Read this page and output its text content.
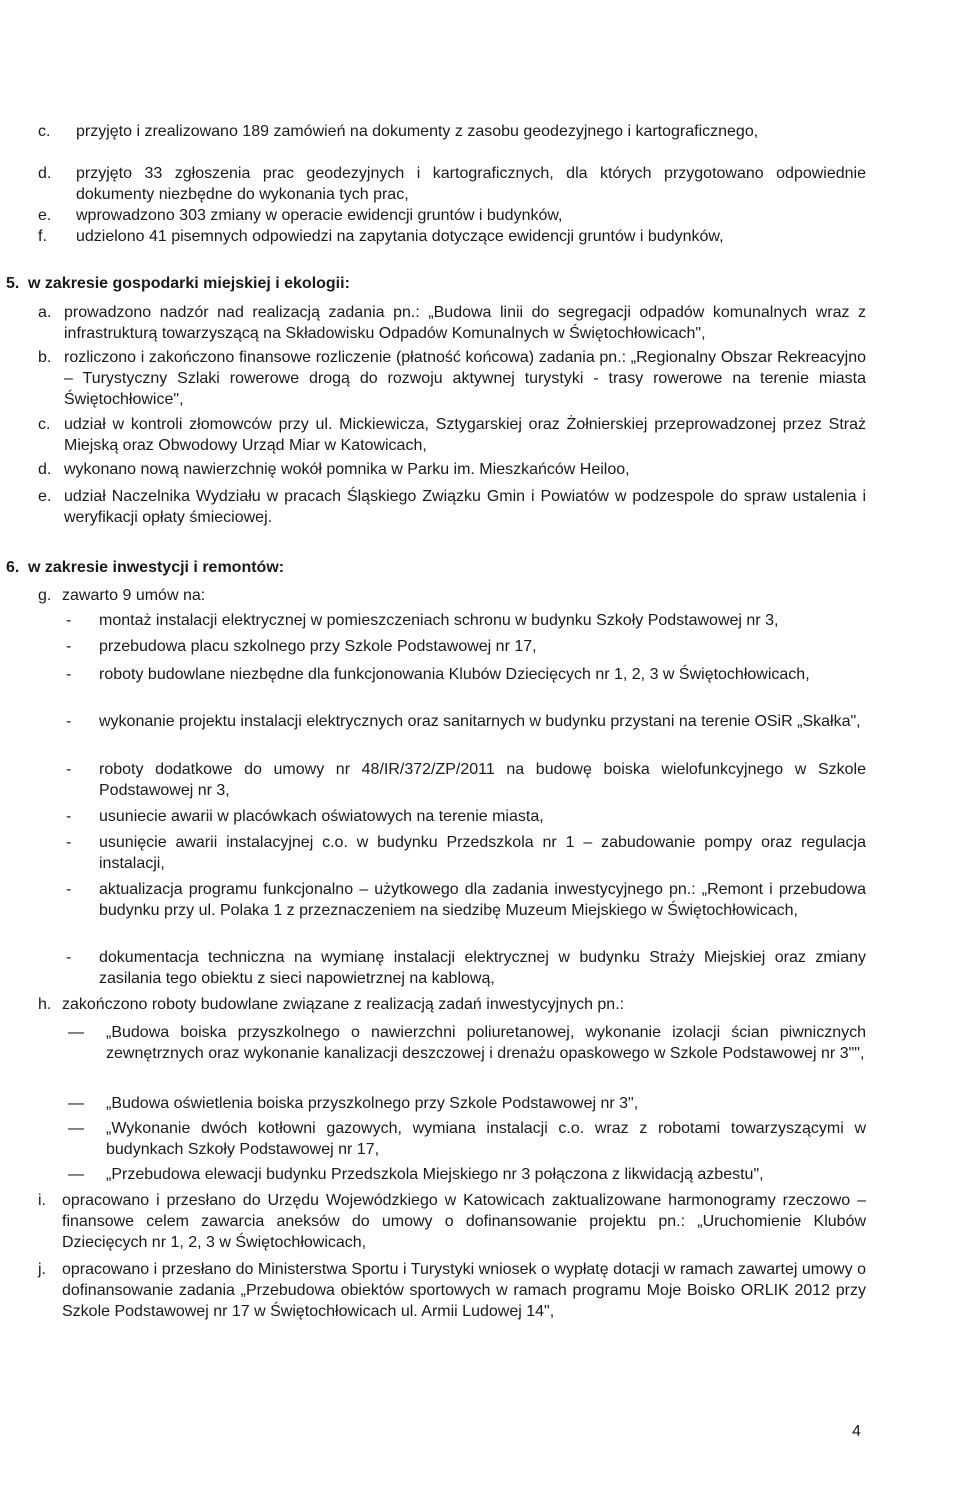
c. przyjęto i zrealizowano 189 zamówień na dokumenty z zasobu geodezyjnego i kartograficznego,
d. przyjęto 33 zgłoszenia prac geodezyjnych i kartograficznych, dla których przygotowano odpowiednie dokumenty niezbędne do wykonania tych prac,
e. wprowadzono 303 zmiany w operacie ewidencji gruntów i budynków,
f. udzielono 41 pisemnych odpowiedzi na zapytania dotyczące ewidencji gruntów i budynków,
5. w zakresie gospodarki miejskiej i ekologii:
a. prowadzono nadzór nad realizacją zadania pn.: „Budowa linii do segregacji odpadów komunalnych wraz z infrastrukturą towarzyszącą na Składowisku Odpadów Komunalnych w Świętochłowicach",
b. rozliczono i zakończono finansowe rozliczenie (płatność końcowa) zadania pn.: „Regionalny Obszar Rekreacyjno – Turystyczny Szlaki rowerowe drogą do rozwoju aktywnej turystyki - trasy rowerowe na terenie miasta Świętochłowice",
c. udział w kontroli złomowców przy ul. Mickiewicza, Sztygarskiej oraz Żołnierskiej przeprowadzonej przez Straż Miejską oraz Obwodowy Urząd Miar w Katowicach,
d. wykonano nową nawierzchnię wokół pomnika w Parku im. Mieszkańców Heiloo,
e. udział Naczelnika Wydziału w pracach Śląskiego Związku Gmin i Powiatów w podzespole do spraw ustalenia i weryfikacji opłaty śmieciowej.
6. w zakresie inwestycji i remontów:
g. zawarto 9 umów na:
- montaż instalacji elektrycznej w pomieszczeniach schronu w budynku Szkoły Podstawowej nr 3,
- przebudowa placu szkolnego przy Szkole Podstawowej nr 17,
- roboty budowlane niezbędne dla funkcjonowania Klubów Dziecięcych nr 1, 2, 3 w Świętochłowicach,
- wykonanie projektu instalacji elektrycznych oraz sanitarnych w budynku przystani na terenie OSiR „Skałka",
- roboty dodatkowe do umowy nr 48/IR/372/ZP/2011 na budowę boiska wielofunkcyjnego w Szkole Podstawowej nr 3,
- usuniecie awarii w placówkach oświatowych na terenie miasta,
- usunięcie awarii instalacyjnej c.o. w budynku Przedszkola nr 1 – zabudowanie pompy oraz regulacja instalacji,
- aktualizacja programu funkcjonalno – użytkowego dla zadania inwestycyjnego pn.: „Remont i przebudowa budynku przy ul. Polaka 1 z przeznaczeniem na siedzibę Muzeum Miejskiego w Świętochłowicach,
- dokumentacja techniczna na wymianę instalacji elektrycznej w budynku Straży Miejskiej oraz zmiany zasilania tego obiektu z sieci napowietrznej na kablową,
h. zakończono roboty budowlane związane z realizacją zadań inwestycyjnych pn.:
— „Budowa boiska przyszkolnego o nawierzchni poliuretanowej, wykonanie izolacji ścian piwnicznych zewnętrznych oraz wykonanie kanalizacji deszczowej i drenażu opaskowego w Szkole Podstawowej nr 3"",
— „Budowa oświetlenia boiska przyszkolnego przy Szkole Podstawowej nr 3",
— „Wykonanie dwóch kotłowni gazowych, wymiana instalacji c.o. wraz z robotami towarzyszącymi w budynkach Szkoły Podstawowej nr 17,
— „Przebudowa elewacji budynku Przedszkola Miejskiego nr 3 połączona z likwidacją azbestu",
i. opracowano i przesłano do Urzędu Wojewódzkiego w Katowicach zaktualizowane harmonogramy rzeczowo – finansowe celem zawarcia aneksów do umowy o dofinansowanie projektu pn.: „Uruchomienie Klubów Dziecięcych nr 1, 2, 3 w Świętochłowicach,
j. opracowano i przesłano do Ministerstwa Sportu i Turystyki wniosek o wypłatę dotacji w ramach zawartej umowy o dofinansowanie zadania „Przebudowa obiektów sportowych w ramach programu Moje Boisko ORLIK 2012 przy Szkole Podstawowej nr 17 w Świętochłowicach ul. Armii Ludowej 14",
4
